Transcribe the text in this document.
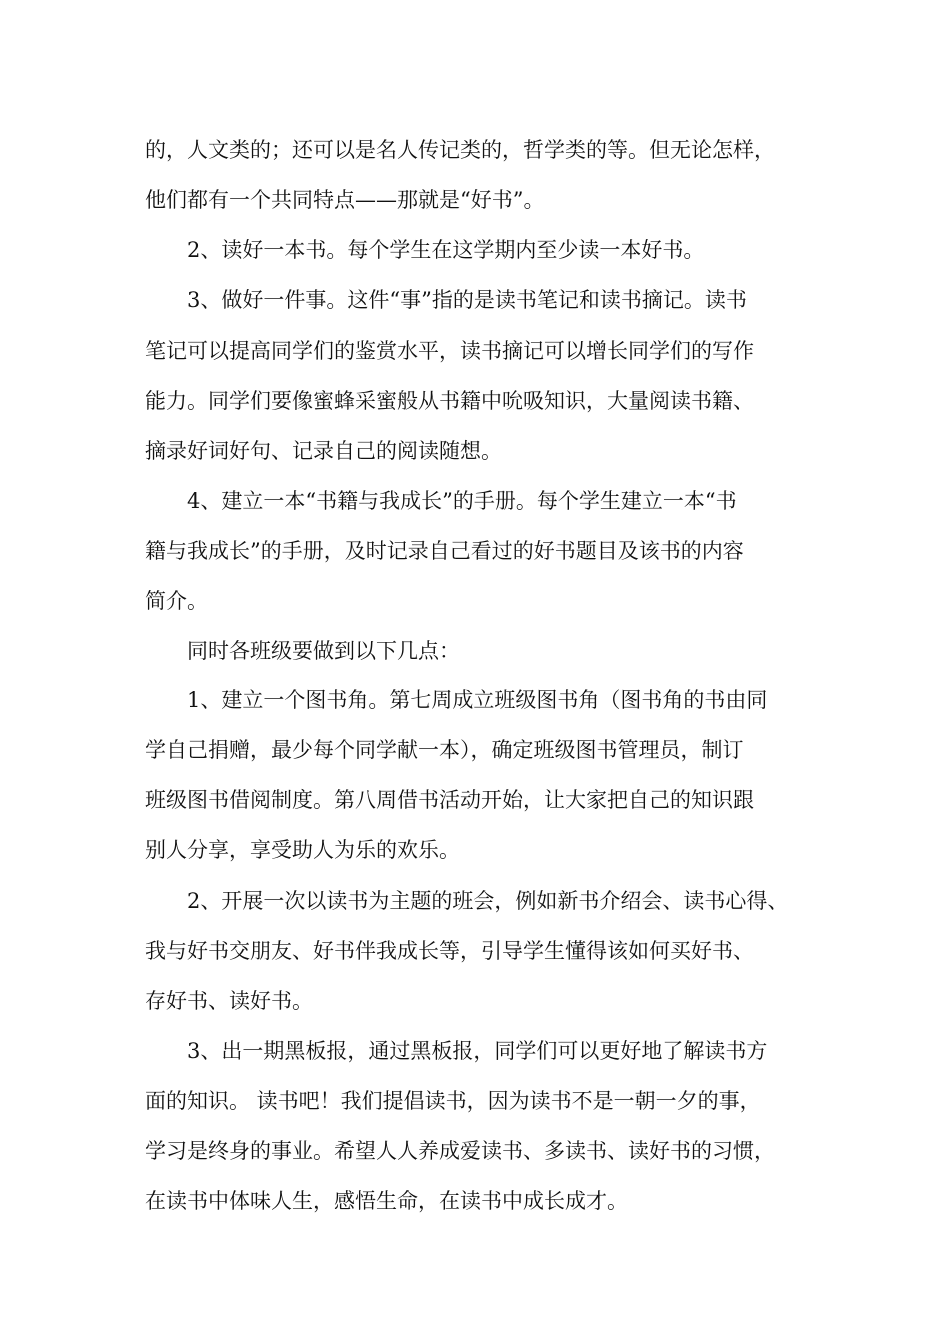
的，人文类的；还可以是名人传记类的，哲学类的等。但无论怎样，
他们都有一个共同特点——那就是“好书”。
2、读好一本书。每个学生在这学期内至少读一本好书。
3、做好一件事。这件“事”指的是读书笔记和读书摘记。读书
笔记可以提高同学们的鉴赏水平，读书摘记可以增长同学们的写作
能力。同学们要像蜜蜂采蜜般从书籍中吮吸知识，大量阅读书籍、
摘录好词好句、记录自己的阅读随想。
4、建立一本“书籍与我成长”的手册。每个学生建立一本“书
籍与我成长”的手册，及时记录自己看过的好书题目及该书的内容
简介。
同时各班级要做到以下几点：
1、建立一个图书角。第七周成立班级图书角（图书角的书由同
学自己捐赠，最少每个同学献一本），确定班级图书管理员，制订
班级图书借阅制度。第八周借书活动开始，让大家把自己的知识跟
别人分享，享受助人为乐的欢乐。
2、开展一次以读书为主题的班会，例如新书介绍会、读书心得、
我与好书交朋友、好书伴我成长等，引导学生懂得该如何买好书、
存好书、读好书。
3、出一期黑板报，通过黑板报，同学们可以更好地了解读书方
面的知识。 读书吧！我们提倡读书，因为读书不是一朝一夕的事，
学习是终身的事业。希望人人养成爱读书、多读书、读好书的习惯，
在读书中体味人生，感悟生命，在读书中成长成才。
